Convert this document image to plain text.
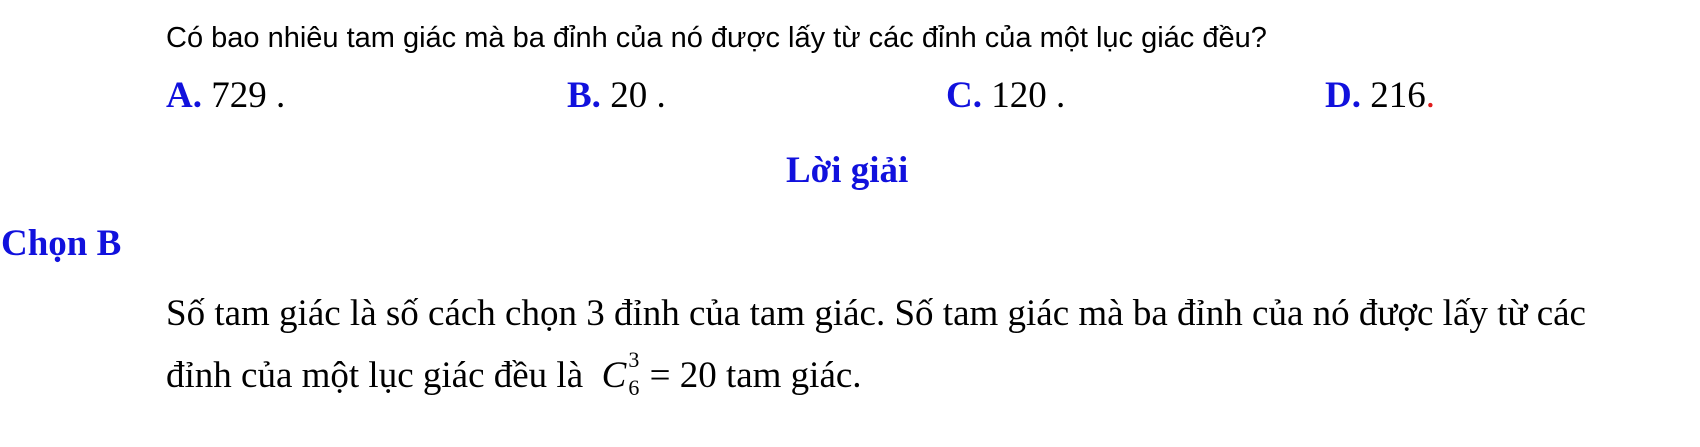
Có bao nhiêu tam giác mà ba đỉnh của nó được lấy từ các đỉnh của một lục giác đều?
A. 729 .	B. 20 .	C. 120 .	D. 216.
Lời giải
Chọn B
Số tam giác là số cách chọn 3 đỉnh của tam giác. Số tam giác mà ba đỉnh của nó được lấy từ các
đỉnh của một lục giác đều là C 3
6 = 20 tam giác.
